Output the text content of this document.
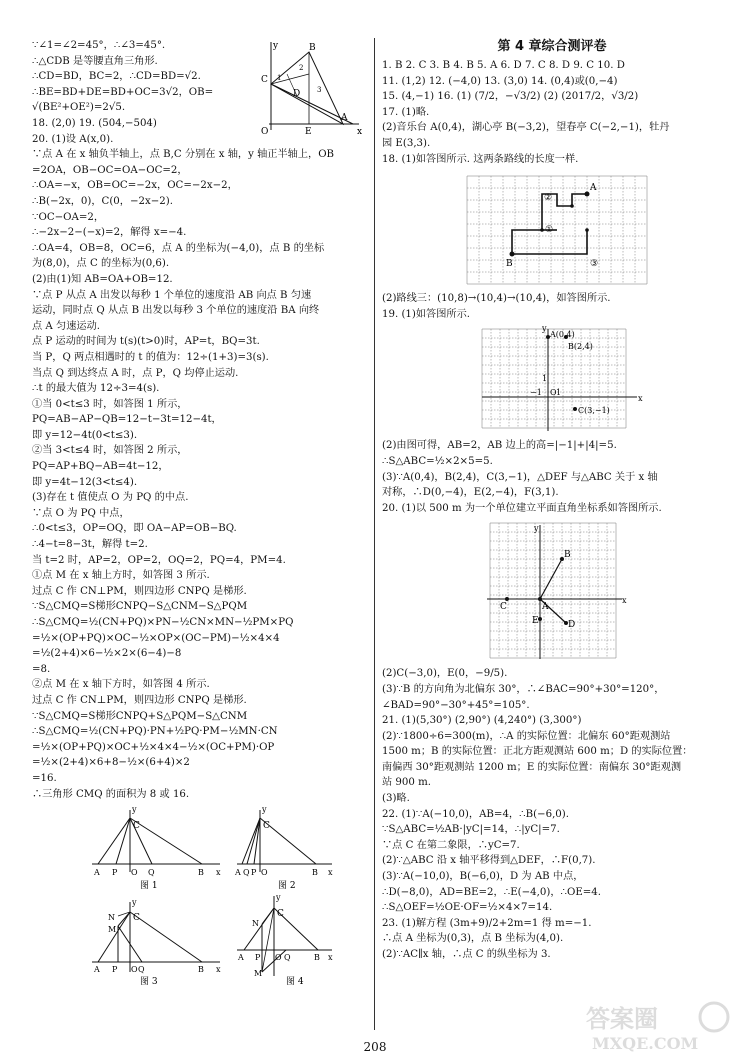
∵∠1=∠2=45°，∴∠3=45°.
∴△CDB 是等腰直角三角形.
∴CD=BD，BC=2，∴CD=BD=√2.
∴BE=BD+DE=BD+OC=3√2，OB=
√(BE²+OE²)=2√5.
y	B
C
D
1
2
3
O	E
A
x
18. (2,0) 19. (504,−504)
20. (1)设 A(x,0).
∵点 A 在 x 轴负半轴上，点 B,C 分别在 x 轴，y 轴正半轴上，OB
=2OA，OB−OC=OA−OC=2，
∴OA=−x，OB=OC=−2x，OC=−2x−2，
∴B(−2x，0)，C(0，−2x−2).
∵OC−OA=2，
∴−2x−2−(−x)=2，解得 x=−4.
∴OA=4，OB=8，OC=6，点 A 的坐标为(−4,0)，点 B 的坐标
为(8,0)，点 C 的坐标为(0,6).
(2)由(1)知 AB=OA+OB=12.
∵点 P 从点 A 出发以每秒 1 个单位的速度沿 AB 向点 B 匀速
运动，同时点 Q 从点 B 出发以每秒 3 个单位的速度沿 BA 向终
点 A 匀速运动.
点 P 运动的时间为 t(s)(t>0)时，AP=t，BQ=3t.
当 P，Q 两点相遇时的 t 的值为：12÷(1+3)=3(s).
当点 Q 到达终点 A 时，点 P，Q 均停止运动.
∴t 的最大值为 12÷3=4(s).
①当 0<t≤3 时，如答图 1 所示，
PQ=AB−AP−QB=12−t−3t=12−4t，
即 y=12−4t(0<t≤3).
②当 3<t≤4 时，如答图 2 所示，
PQ=AP+BQ−AB=4t−12，
即 y=4t−12(3<t≤4).
(3)存在 t 值使点 O 为 PQ 的中点.
∵点 O 为 PQ 中点，
∴0<t≤3，OP=OQ，即 OA−AP=OB−BQ.
∴4−t=8−3t，解得 t=2.
当 t=2 时，AP=2，OP=2，OQ=2，PQ=4，PM=4.
①点 M 在 x 轴上方时，如答图 3 所示.
过点 C 作 CN⊥PM，则四边形 CNPQ 是梯形.
∵S△CMQ=S梯形CNPQ−S△CNM−S△PQM
∴S△CMQ=½(CN+PQ)×PN−½CN×MN−½PM×PQ
=½×(OP+PQ)×OC−½×OP×(OC−PM)−½×4×4
=½(2+4)×6−½×2×(6−4)−8
=8.
②点 M 在 x 轴下方时，如答图 4 所示.
过点 C 作 CN⊥PM，则四边形 CNPQ 是梯形.
∵S△CMQ=S梯形CNPQ+S△PQM−S△CNM
∴S△CMQ=½(CN+PQ)·PN+½PQ·PM−½MN·CN
=½×(OP+PQ)×OC+½×4×4−½×(OC+PM)·OP
=½×(2+4)×6+8−½×(6+4)×2
=16.
∴三角形 CMQ 的面积为 8 或 16.
y
C
A P O Q	B x
图 1
y
C
A Q P O	B x
图 2
y
C
N
M
A P O Q	B x
图 3
y
C
N
A P O Q	B x
M
图 4
第 4 章综合测评卷
1. B 2. C 3. B 4. B 5. A 6. D 7. C 8. D 9. C 10. D
11. (1,2) 12. (−4,0) 13. (3,0) 14. (0,4)或(0,−4)
15. (4,−1) 16. (1) (7/2，−√3/2) (2) (2017/2，√3/2)
17. (1)略.
(2)音乐台 A(0,4)，湖心亭 B(−3,2)，望春亭 C(−2,−1)，牡丹
园 E(3,3).
18. (1)如答图所示. 这两条路线的长度一样.
②
①
③
A
B
(2)路线三：(10,8)→(10,4)→(10,4)，如答图所示.
19. (1)如答图所示.
y
A(0,4)
B(2,4)
1
O
−1 1
x
C(3,−1)
(2)由图可得，AB=2，AB 边上的高=|−1|+|4|=5.
∴S△ABC=½×2×5=5.
(3)∵A(0,4)，B(2,4)，C(3,−1)，△DEF 与△ABC 关于 x 轴
对称，∴D(0,−4)，E(2,−4)，F(3,1).
20. (1)以 500 m 为一个单位建立平面直角坐标系如答图所示.
y
B
C	A
x
E	D
(2)C(−3,0)，E(0，−9/5).
(3)∵B 的方向角为北偏东 30°，∴∠BAC=90°+30°=120°，
∠BAD=90°−30°+45°=105°.
21. (1)(5,30°) (2,90°) (4,240°) (3,300°)
(2)∵1800÷6=300(m)，∴A 的实际位置：北偏东 60°距观测站
1500 m；B 的实际位置：正北方距观测站 600 m；D 的实际位置：
南偏西 30°距观测站 1200 m；E 的实际位置：南偏东 30°距观测
站 900 m.
(3)略.
22. (1)∵A(−10,0)，AB=4，∴B(−6,0).
∵S△ABC=½AB·|yC|=14，∴|yC|=7.
∵点 C 在第二象限，∴yC=7.
(2)∵△ABC 沿 x 轴平移得到△DEF，∴F(0,7).
(3)∵A(−10,0)，B(−6,0)，D 为 AB 中点，
∴D(−8,0)，AD=BE=2，∴E(−4,0)，∴OE=4.
∴S△OEF=½OE·OF=½×4×7=14.
23. (1)解方程 (3m+9)/2+2m=1 得 m=−1.
∴点 A 坐标为(0,3)，点 B 坐标为(4,0).
(2)∵AC∥x 轴，∴点 C 的纵坐标为 3.
208
答案圈
MXQE.COM
